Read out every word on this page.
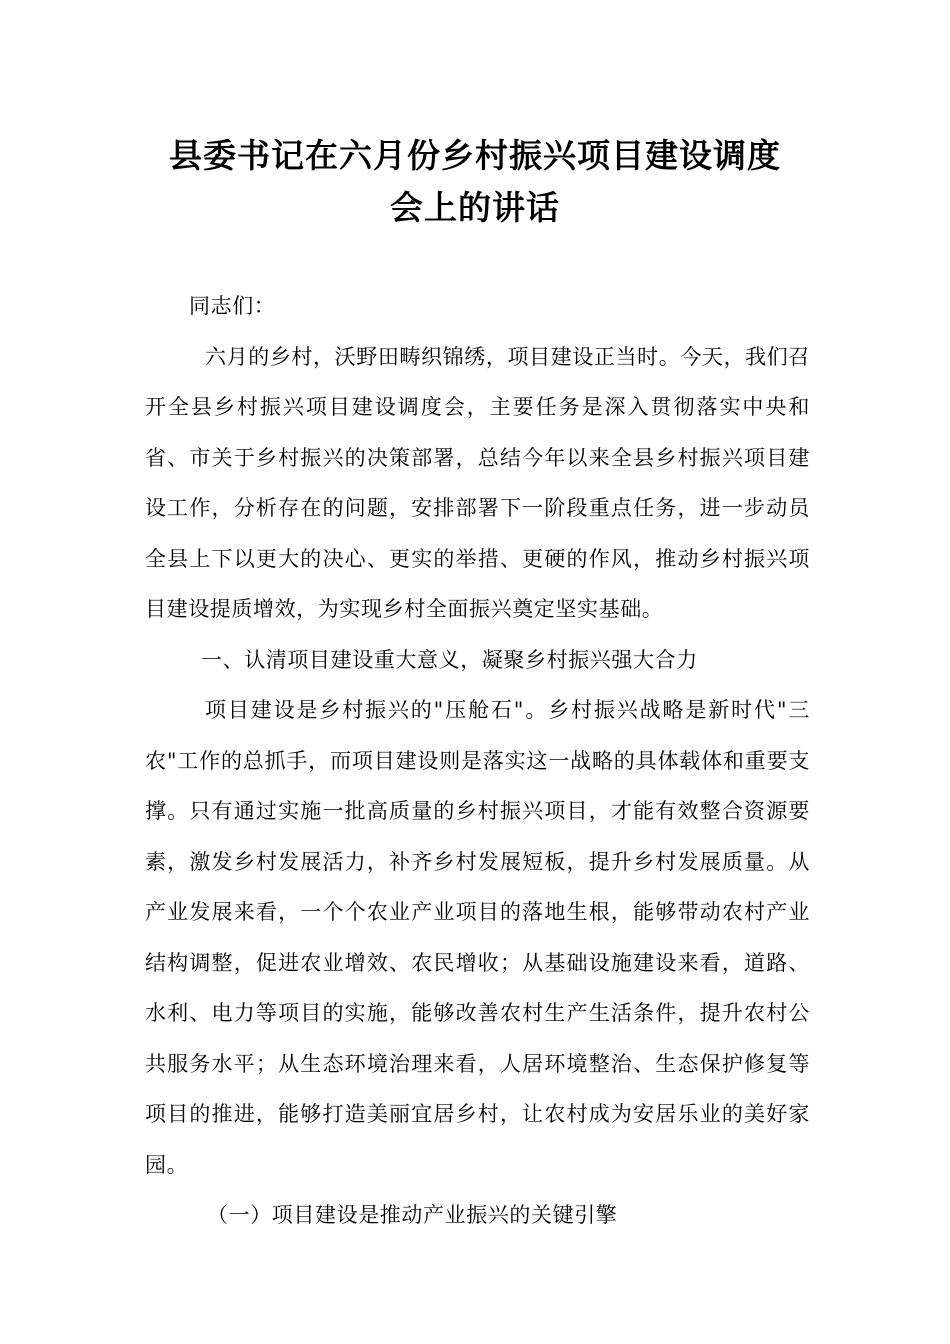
县委书记在六月份乡村振兴项目建设调度
会上的讲话

同志们：

六月的乡村，沃野田畴织锦绣，项目建设正当时。今天，我们召开全县乡村振兴项目建设调度会，主要任务是深入贯彻落实中央和省、市关于乡村振兴的决策部署，总结今年以来全县乡村振兴项目建设工作，分析存在的问题，安排部署下一阶段重点任务，进一步动员全县上下以更大的决心、更实的举措、更硬的作风，推动乡村振兴项目建设提质增效，为实现乡村全面振兴奠定坚实基础。

一、认清项目建设重大意义，凝聚乡村振兴强大合力

项目建设是乡村振兴的"压舱石"。乡村振兴战略是新时代"三农"工作的总抓手，而项目建设则是落实这一战略的具体载体和重要支撑。只有通过实施一批高质量的乡村振兴项目，才能有效整合资源要素，激发乡村发展活力，补齐乡村发展短板，提升乡村发展质量。从产业发展来看，一个个农业产业项目的落地生根，能够带动农村产业结构调整，促进农业增效、农民增收；从基础设施建设来看，道路、水利、电力等项目的实施，能够改善农村生产生活条件，提升农村公共服务水平；从生态环境治理来看，人居环境整治、生态保护修复等项目的推进，能够打造美丽宜居乡村，让农村成为安居乐业的美好家园。

（一）项目建设是推动产业振兴的关键引擎
